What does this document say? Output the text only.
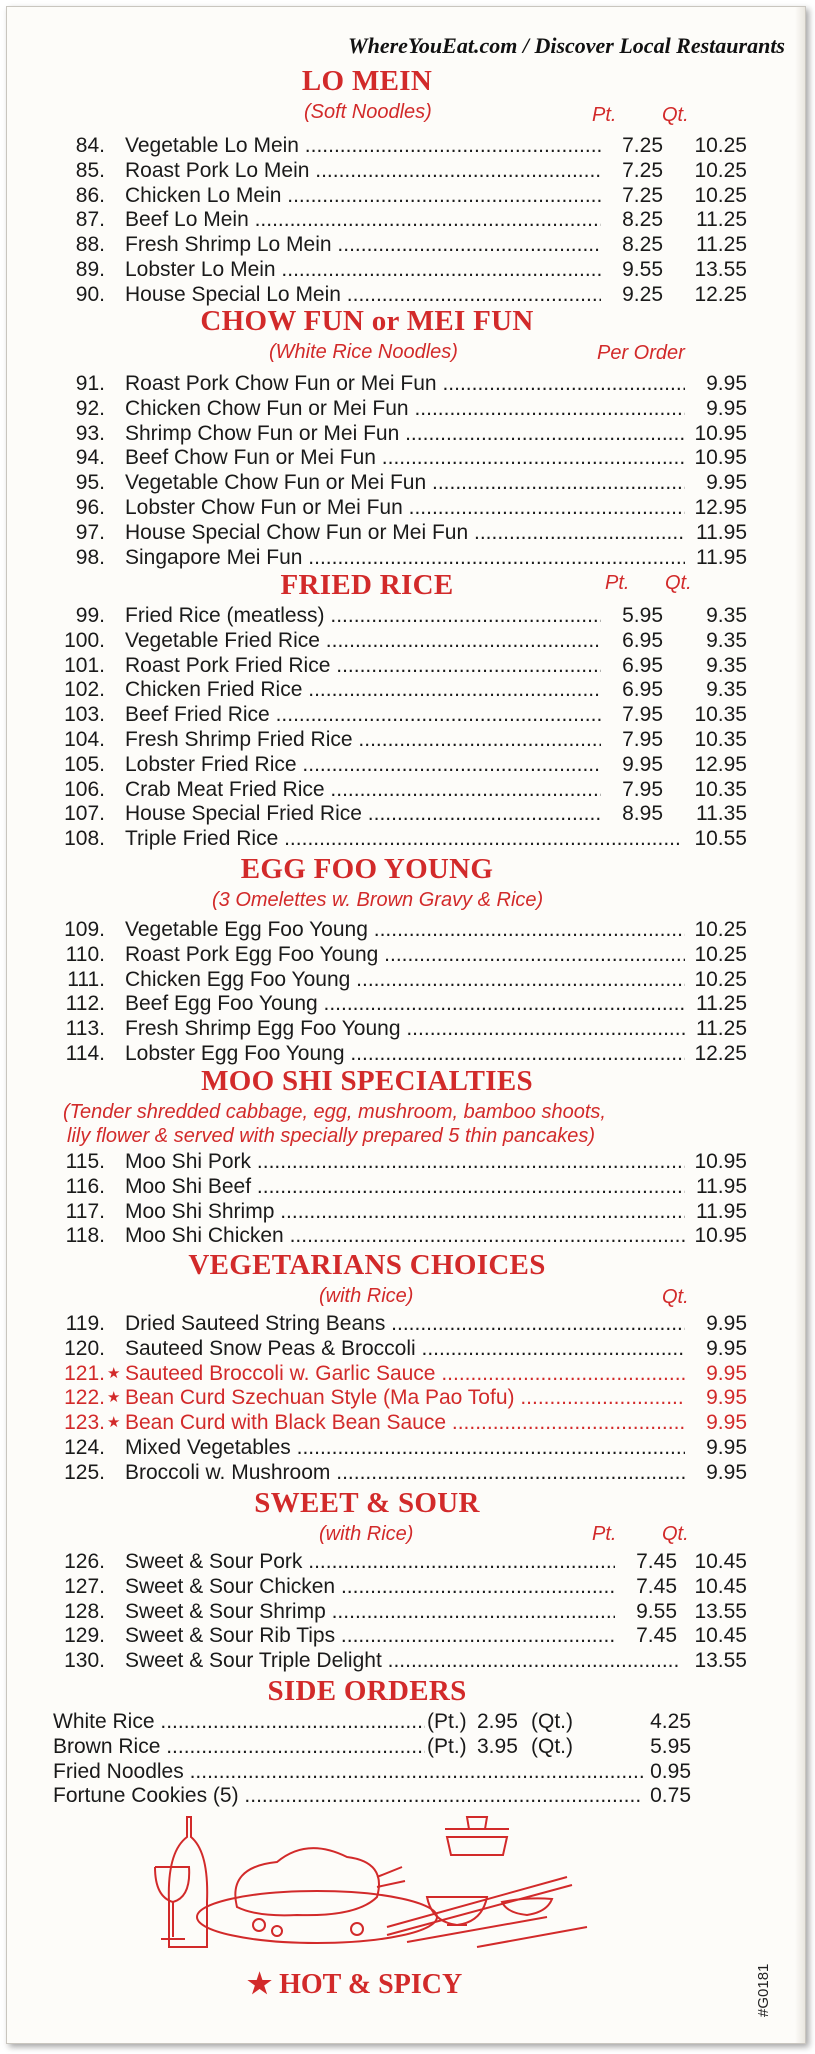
WhereYouEat.com / Discover Local Restaurants
LO MEIN
(Soft Noodles)	Pt. Qt.
84. Vegetable Lo Mein .....	7.25	10.25
85. Roast Pork Lo Mein .....	7.25	10.25
86. Chicken Lo Mein .....	7.25	10.25
87. Beef Lo Mein .....	8.25	11.25
88. Fresh Shrimp Lo Mein .....	8.25	11.25
89. Lobster Lo Mein .....	9.55	13.55
90. House Special Lo Mein .....	9.25	12.25
CHOW FUN or MEI FUN
(White Rice Noodles)	Per Order
91. Roast Pork Chow Fun or Mei Fun .....	9.95
92. Chicken Chow Fun or Mei Fun .....	9.95
93. Shrimp Chow Fun or Mei Fun .....	10.95
94. Beef Chow Fun or Mei Fun .....	10.95
95. Vegetable Chow Fun or Mei Fun .....	9.95
96. Lobster Chow Fun or Mei Fun .....	12.95
97. House Special Chow Fun or Mei Fun .....	11.95
98. Singapore Mei Fun .....	11.95
FRIED RICE	Pt. Qt.
99. Fried Rice (meatless) .....	5.95	9.35
100. Vegetable Fried Rice .....	6.95	9.35
101. Roast Pork Fried Rice .....	6.95	9.35
102. Chicken Fried Rice .....	6.95	9.35
103. Beef Fried Rice .....	7.95	10.35
104. Fresh Shrimp Fried Rice .....	7.95	10.35
105. Lobster Fried Rice .....	9.95	12.95
106. Crab Meat Fried Rice .....	7.95	10.35
107. House Special Fried Rice .....	8.95	11.35
108. Triple Fried Rice .....	10.55
EGG FOO YOUNG
(3 Omelettes w. Brown Gravy & Rice)
109. Vegetable Egg Foo Young .....	10.25
110. Roast Pork Egg Foo Young .....	10.25
111. Chicken Egg Foo Young .....	10.25
112. Beef Egg Foo Young .....	11.25
113. Fresh Shrimp Egg Foo Young .....	11.25
114. Lobster Egg Foo Young .....	12.25
MOO SHI SPECIALTIES
(Tender shredded cabbage, egg, mushroom, bamboo shoots,
lily flower & served with specially prepared 5 thin pancakes)
115. Moo Shi Pork .....	10.95
116. Moo Shi Beef .....	11.95
117. Moo Shi Shrimp .....	11.95
118. Moo Shi Chicken .....	10.95
VEGETARIANS CHOICES
(with Rice)	Qt.
119. Dried Sauteed String Beans .....	9.95
120. Sauteed Snow Peas & Broccoli .....	9.95
121. ★ Sauteed Broccoli w. Garlic Sauce .....	9.95
122. ★ Bean Curd Szechuan Style (Ma Pao Tofu) .....	9.95
123. ★ Bean Curd with Black Bean Sauce .....	9.95
124. Mixed Vegetables .....	9.95
125. Broccoli w. Mushroom .....	9.95
SWEET & SOUR
(with Rice)	Pt. Qt.
126. Sweet & Sour Pork .....	7.45 10.45
127. Sweet & Sour Chicken .....	7.45 10.45
128. Sweet & Sour Shrimp .....	9.55 13.55
129. Sweet & Sour Rib Tips .....	7.45 10.45
130. Sweet & Sour Triple Delight .....	13.55
SIDE ORDERS
White Rice .....	(Pt.) 2.95 (Qt.)	4.25
Brown Rice .....	(Pt.) 3.95 (Qt.)	5.95
Fried Noodles .....	0.95
Fortune Cookies (5) .....	0.75
★ HOT & SPICY	#G0181
